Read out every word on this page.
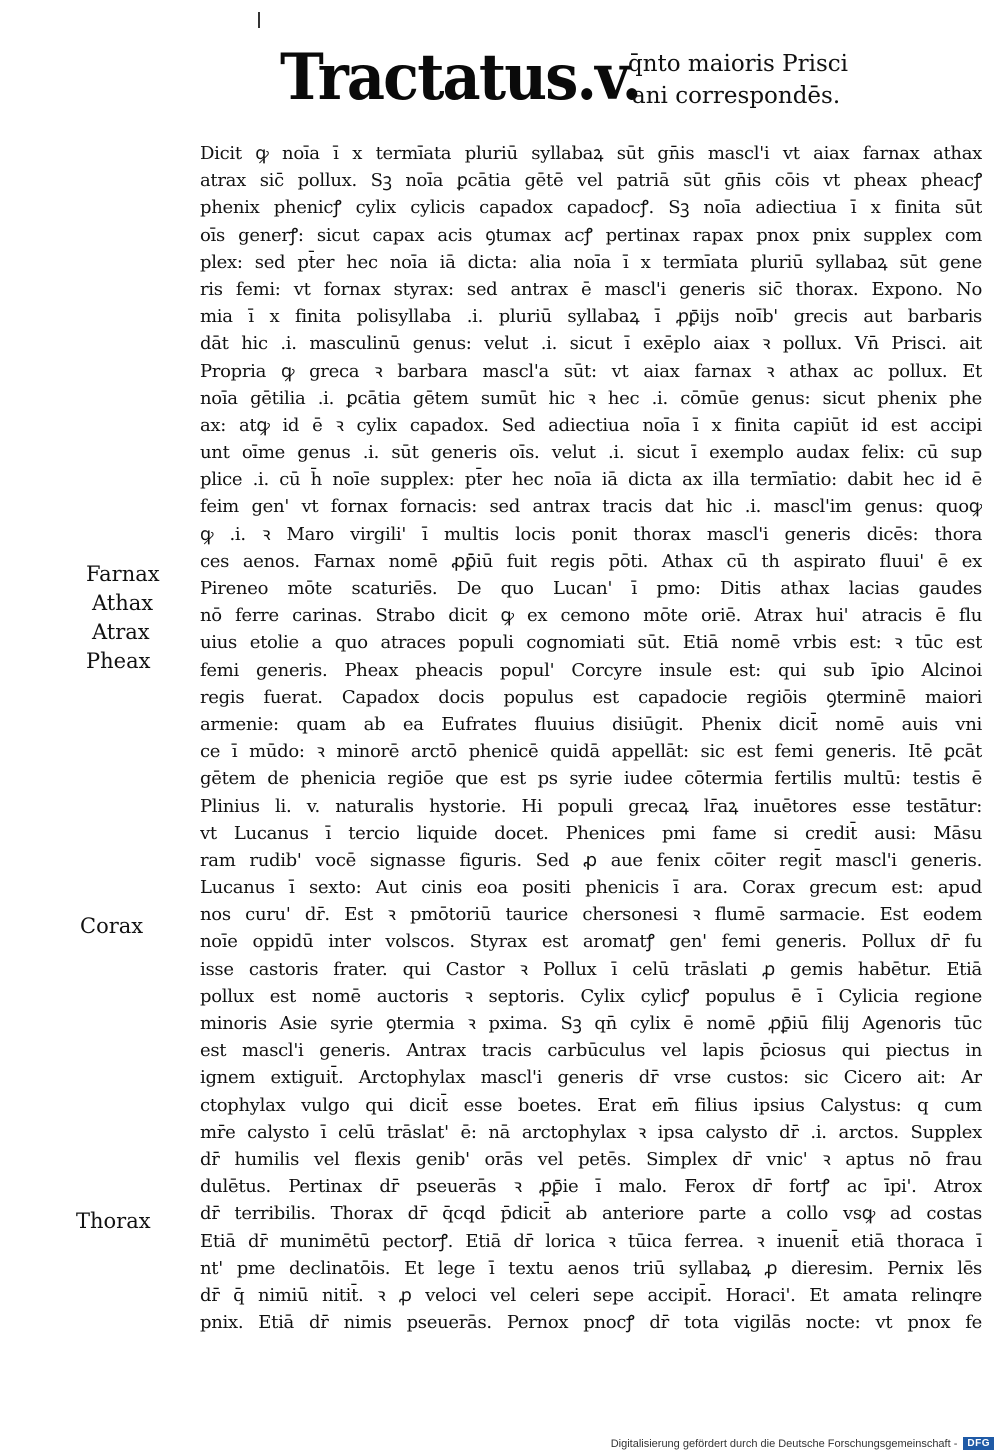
Tractatus.v.
q̄nto maioris Prisci
ani correspondēs.
Farnax
Athax
Atrax
Pheax
Corax
Thorax
Dicit ꝙ noīa ī x termīata pluriū syllabaꝝ sūt gn̄is mascl'i vt aiax farnax athax
atrax sic̄ pollux. Sꝫ noīa ꝑcātia gētē vel patriā sūt gn̄is cōis vt pheax pheacꝭ
phenix phenicꝭ cylix cylicis capadox capadocꝭ. Sꝫ noīa adiectiua ī x finita sūt
oīs generꝭ: sicut capax acis ꝯtumax acꝭ pertinax rapax pnox pnix supplex com
plex: sed pt̄er hec noīa iā dicta: alia noīa ī x termīata pluriū syllabaꝝ sūt gene
ris femi: vt fornax styrax: sed antrax ē mascl'i generis sic̄ thorax. Expono. No
mia ī x finita polisyllaba .i. pluriū syllabaꝝ ī ꝓꝑ̄ijs noīb' grecis aut barbaris
dāt hic .i. masculinū genus: velut .i. sicut ī exēplo aiax ꝛ pollux. Vn̄ Prisci. ait
Propria ꝙ greca ꝛ barbara mascl'a sūt: vt aiax farnax ꝛ athax ac pollux. Et
noīa gētilia .i. ꝑcātia gētem sumūt hic ꝛ hec .i. cōmūe genus: sicut phenix phe
ax: atꝙ id ē ꝛ cylix capadox. Sed adiectiua noīa ī x finita capiūt id est accipi
unt oīme genus .i. sūt generis oīs. velut .i. sicut ī exemplo audax felix: cū sup
plice .i. cū h̄ noīe supplex: pt̄er hec noīa iā dicta ax illa termīatio: dabit hec id ē
feim gen' vt fornax fornacis: sed antrax tracis dat hic .i. mascl'im genus: quoꝙ
ꝙ .i. ꝛ Maro virgili' ī multis locis ponit thorax mascl'i generis dicēs: thora
ces aenos. Farnax nomē ꝓꝑ̄iū fuit regis pōti. Athax cū th aspirato fluui' ē ex
Pireneo mōte scaturiēs. De quo Lucan' ī pmo: Ditis athax lacias gaudes
nō ferre carinas. Strabo dicit ꝙ ex cemono mōte oriē. Atrax hui' atracis ē flu
uius etolie a quo atraces populi cognomiati sūt. Etiā nomē vrbis est: ꝛ tūc est
femi generis. Pheax pheacis popul' Corcyre insule est: qui sub īꝑio Alcinoi
regis fuerat. Capadox docis populus est capadocie regiōis ꝯterminē maiori
armenie: quam ab ea Eufrates fluuius disiūgit. Phenix dicit̄ nomē auis vni
ce ī mūdo: ꝛ minorē arctō phenicē quidā appellāt: sic est femi generis. Itē ꝑcāt
gētem de phenicia regiōe que est ps syrie iudee cōtermia fertilis multū: testis ē
Plinius li. v. naturalis hystorie. Hi populi grecaꝝ lr̄aꝝ inuētores esse testātur:
vt Lucanus ī tercio liquide docet. Phenices pmi fame si credit̄ ausi: Māsu
ram rudib' vocē signasse figuris. Sed ꝓ aue fenix cōiter regit̄ mascl'i generis.
Lucanus ī sexto: Aut cinis eoa positi phenicis ī ara. Corax grecum est: apud
nos curu' dr̄. Est ꝛ pmōtoriū taurice chersonesi ꝛ flumē sarmacie. Est eodem
noīe oppidū inter volscos. Styrax est aromatꝭ gen' femi generis. Pollux dr̄ fu
isse castoris frater. qui Castor ꝛ Pollux ī celū trāslati ꝓ gemis habētur. Etiā
pollux est nomē auctoris ꝛ septoris. Cylix cylicꝭ populus ē ī Cylicia regione
minoris Asie syrie ꝯtermia ꝛ pxima. Sꝫ qn̄ cylix ē nomē ꝓꝑ̄iū filij Agenoris tūc
est mascl'i generis. Antrax tracis carbūculus vel lapis p̄ciosus qui piectus in
ignem extiguit̄. Arctophylax mascl'i generis dr̄ vrse custos: sic Cicero ait: Ar
ctophylax vulgo qui dicit̄ esse boetes. Erat em̄ filius ipsius Calystus: q cum
mr̄e calysto ī celū trāslat' ē: nā arctophylax ꝛ ipsa calysto dr̄ .i. arctos. Supplex
dr̄ humilis vel flexis genib' orās vel petēs. Simplex dr̄ vnic' ꝛ aptus nō frau
dulētus. Pertinax dr̄ pseuerās ꝛ ꝓꝑ̄ie ī malo. Ferox dr̄ fortꝭ ac īpi'. Atrox
dr̄ terribilis. Thorax dr̄ q̄cqd p̄dicit̄ ab anteriore parte a collo vsꝙ ad costas
Etiā dr̄ munimētū pectorꝭ. Etiā dr̄ lorica ꝛ tūica ferrea. ꝛ inuenit̄ etiā thoraca ī
nt' pme declinatōis. Et lege ī textu aenos triū syllabaꝝ ꝓ dieresim. Pernix lēs
dr̄ q̄ nimiū nitit̄. ꝛ ꝓ veloci vel celeri sepe accipit̄. Horaci'. Et amata relinqre
pnix. Etiā dr̄ nimis pseuerās. Pernox pnocꝭ dr̄ tota vigilās nocte: vt pnox fe
Digitalisierung gefördert durch die Deutsche Forschungsgemeinschaft -	DFG
